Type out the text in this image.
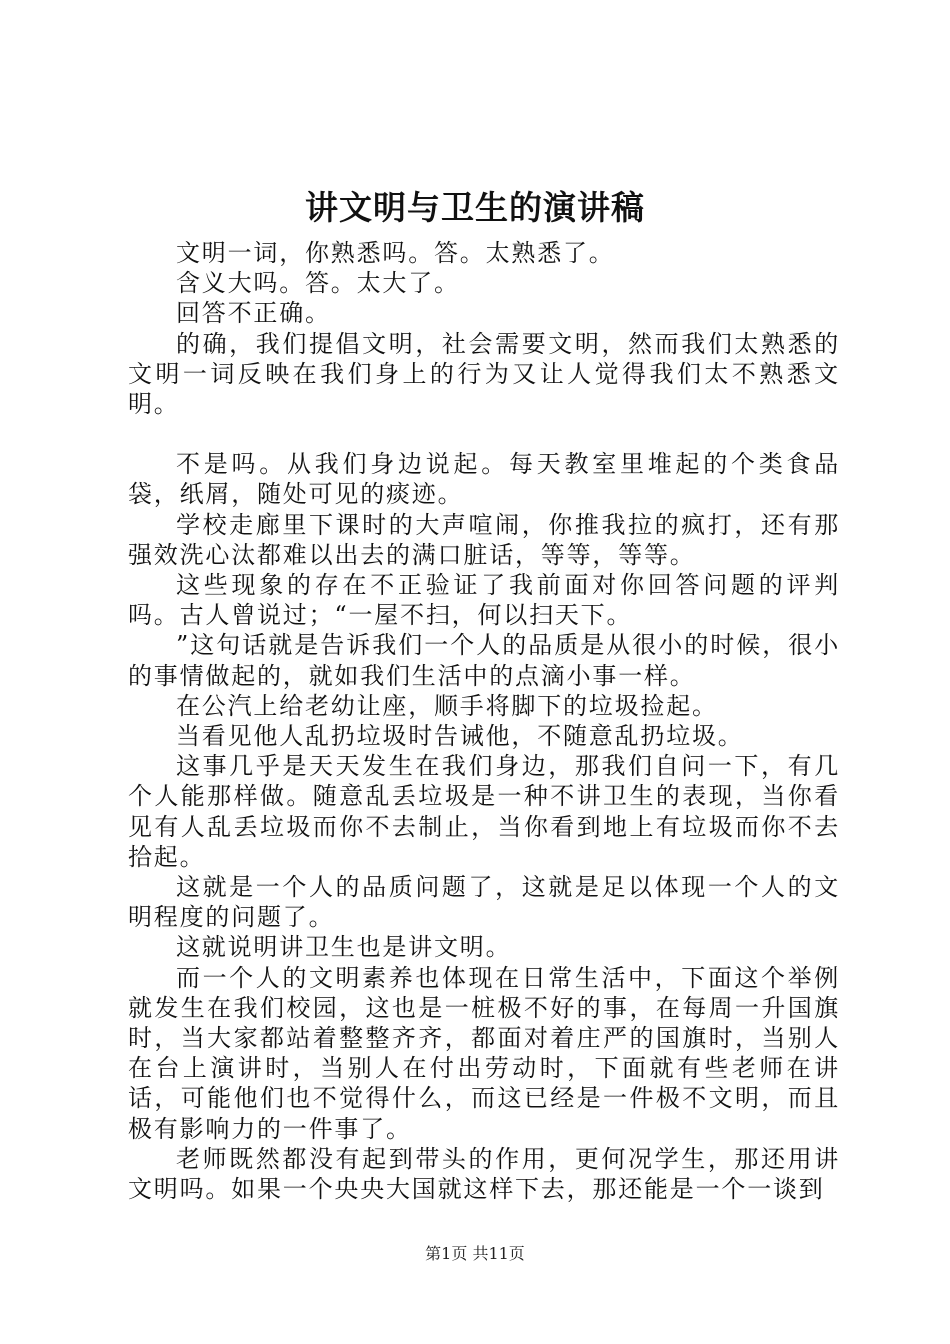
讲文明与卫生的演讲稿

文明一词，你熟悉吗。答。太熟悉了。

含义大吗。答。太大了。

回答不正确。

的确，我们提倡文明，社会需要文明，然而我们太熟悉的文明一词反映在我们身上的行为又让人觉得我们太不熟悉文明。

不是吗。从我们身边说起。每天教室里堆起的个类食品袋，纸屑，随处可见的痰迹。

学校走廊里下课时的大声喧闹，你推我拉的疯打，还有那强效洗心汰都难以出去的满口脏话，等等，等等。

这些现象的存在不正验证了我前面对你回答问题的评判吗。古人曾说过；“一屋不扫，何以扫天下。

”这句话就是告诉我们一个人的品质是从很小的时候，很小的事情做起的，就如我们生活中的点滴小事一样。

在公汽上给老幼让座，顺手将脚下的垃圾捡起。

当看见他人乱扔垃圾时告诫他，不随意乱扔垃圾。

这事几乎是天天发生在我们身边，那我们自问一下，有几个人能那样做。随意乱丢垃圾是一种不讲卫生的表现，当你看见有人乱丢垃圾而你不去制止，当你看到地上有垃圾而你不去拾起。

这就是一个人的品质问题了，这就是足以体现一个人的文明程度的问题了。

这就说明讲卫生也是讲文明。

而一个人的文明素养也体现在日常生活中，下面这个举例就发生在我们校园，这也是一桩极不好的事，在每周一升国旗时，当大家都站着整整齐齐，都面对着庄严的国旗时，当别人在台上演讲时，当别人在付出劳动时，下面就有些老师在讲话，可能他们也不觉得什么，而这已经是一件极不文明，而且极有影响力的一件事了。

老师既然都没有起到带头的作用，更何况学生，那还用讲文明吗。如果一个央央大国就这样下去，那还能是一个一谈到

第1页 共11页
